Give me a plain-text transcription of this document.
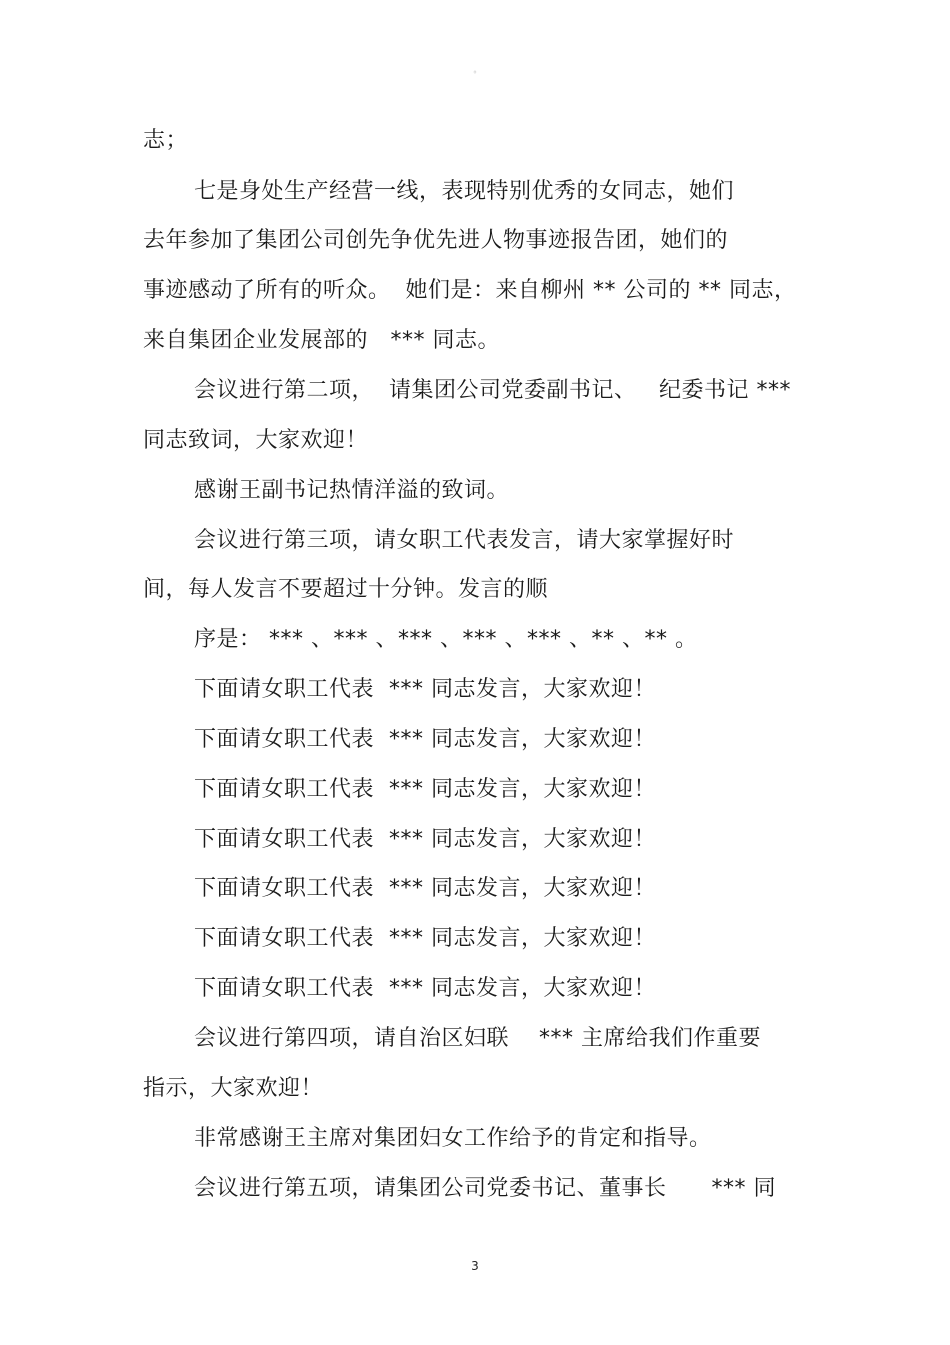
◦
志；
七是身处生产经营一线，表现特别优秀的女同志，她们
去年参加了集团公司创先争优先进人物事迹报告团，她们的
事迹感动了所有的听众。  她们是：来自柳州 ** 公司的 ** 同志，
来自集团企业发展部的   *** 同志。
会议进行第二项，  请集团公司党委副书记、   纪委书记 ***
同志致词，大家欢迎！
感谢王副书记热情洋溢的致词。
会议进行第三项，请女职工代表发言，请大家掌握好时
间，每人发言不要超过十分钟。发言的顺
序是： *** 、*** 、*** 、*** 、*** 、** 、** 。
下面请女职工代表  *** 同志发言，大家欢迎！
下面请女职工代表  *** 同志发言，大家欢迎！
下面请女职工代表  *** 同志发言，大家欢迎！
下面请女职工代表  *** 同志发言，大家欢迎！
下面请女职工代表  *** 同志发言，大家欢迎！
下面请女职工代表  *** 同志发言，大家欢迎！
下面请女职工代表  *** 同志发言，大家欢迎！
会议进行第四项，请自治区妇联    *** 主席给我们作重要
指示，大家欢迎！
非常感谢王主席对集团妇女工作给予的肯定和指导。
会议进行第五项，请集团公司党委书记、董事长      *** 同
3
